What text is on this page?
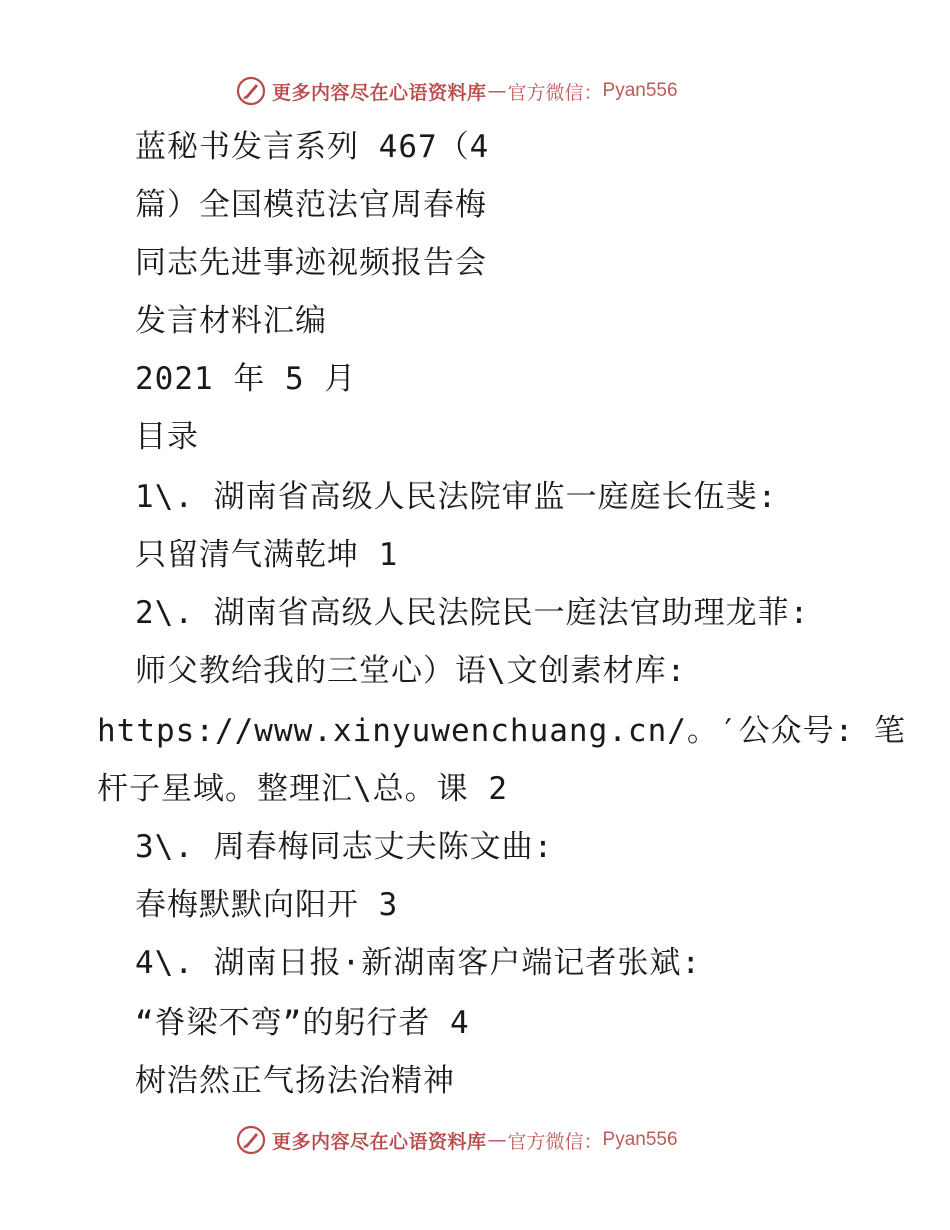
更多内容尽在心语资料库 — 官方微信： Pyan556
蓝秘书发言系列 467（4
篇）全国模范法官周春梅
同志先进事迹视频报告会
发言材料汇编
2021 年 5 月
目录
1\. 湖南省高级人民法院审监一庭庭长伍斐:
只留清气满乾坤 1
2\. 湖南省高级人民法院民一庭法官助理龙菲:
师父教给我的三堂心）语\文创素材库:
https://www.xinyuwenchuang.cn/。′公众号: 笔
杆子星域。整理汇\总。课 2
3\. 周春梅同志丈夫陈文曲:
春梅默默向阳开 3
4\. 湖南日报·新湖南客户端记者张斌:
“脊梁不弯”的躬行者 4
树浩然正气扬法治精神
更多内容尽在心语资料库 — 官方微信： Pyan556
